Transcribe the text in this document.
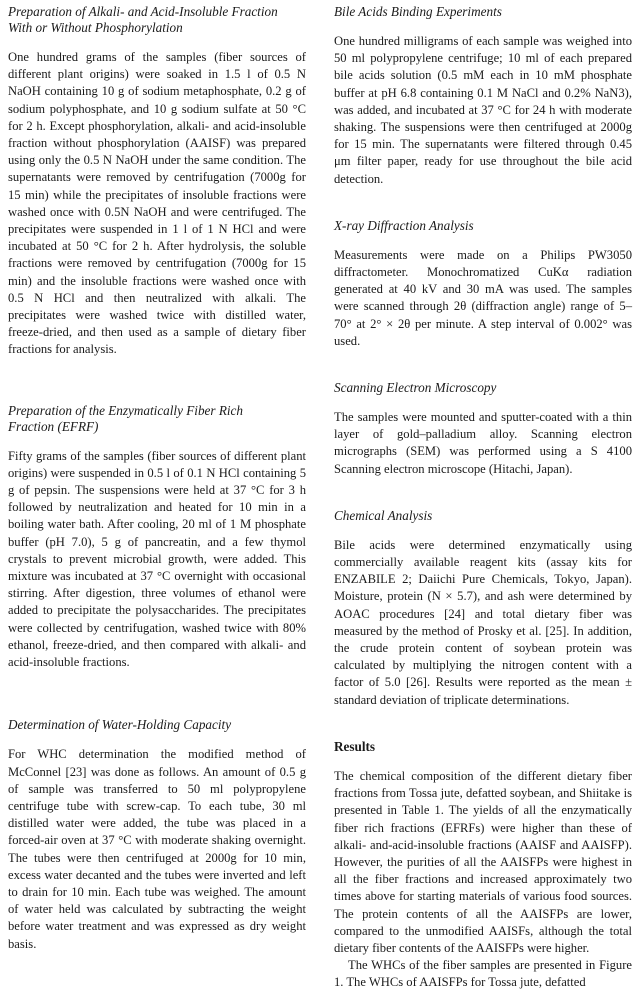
Preparation of Alkali- and Acid-Insoluble Fraction
With or Without Phosphorylation

One hundred grams of the samples (fiber sources of different plant origins) were soaked in 1.5 l of 0.5 N NaOH containing 10 g of sodium metaphosphate, 0.2 g of sodium polyphosphate, and 10 g sodium sulfate at 50 °C for 2 h. Except phosphorylation, alkali- and acid-insoluble fraction without phosphorylation (AAISF) was prepared using only the 0.5 N NaOH under the same condition. The supernatants were removed by centrifugation (7000g for 15 min) while the precipitates of insoluble fractions were washed once with 0.5N NaOH and were centrifuged. The precipitates were suspended in 1 l of 1 N HCl and were incubated at 50 °C for 2 h. After hydrolysis, the soluble fractions were removed by centrifugation (7000g for 15 min) and the insoluble fractions were washed once with 0.5 N HCl and then neutralized with alkali. The precipitates were washed twice with distilled water, freeze-dried, and then used as a sample of dietary fiber fractions for analysis.

Preparation of the Enzymatically Fiber Rich
Fraction (EFRF)

Fifty grams of the samples (fiber sources of different plant origins) were suspended in 0.5 l of 0.1 N HCl containing 5 g of pepsin. The suspensions were held at 37 °C for 3 h followed by neutralization and heated for 10 min in a boiling water bath. After cooling, 20 ml of 1 M phosphate buffer (pH 7.0), 5 g of pancreatin, and a few thymol crystals to prevent microbial growth, were added. This mixture was incubated at 37 °C overnight with occasional stirring. After digestion, three volumes of ethanol were added to precipitate the polysaccharides. The precipitates were collected by centrifugation, washed twice with 80% ethanol, freeze-dried, and then compared with alkali- and acid-insoluble fractions.

Determination of Water-Holding Capacity

For WHC determination the modified method of McConnel [23] was done as follows. An amount of 0.5 g of sample was transferred to 50 ml polypropylene centrifuge tube with screw-cap. To each tube, 30 ml distilled water were added, the tube was placed in a forced-air oven at 37 °C with moderate shaking overnight. The tubes were then centrifuged at 2000g for 10 min, excess water decanted and the tubes were inverted and left to drain for 10 min. Each tube was weighed. The amount of water held was calculated by subtracting the weight before water treatment and was expressed as dry weight basis.

Bile Acids Binding Experiments

One hundred milligrams of each sample was weighed into 50 ml polypropylene centrifuge; 10 ml of each prepared bile acids solution (0.5 mM each in 10 mM phosphate buffer at pH 6.8 containing 0.1 M NaCl and 0.2% NaN3), was added, and incubated at 37 °C for 24 h with moderate shaking. The suspensions were then centrifuged at 2000g for 15 min. The supernatants were filtered through 0.45 μm filter paper, ready for use throughout the bile acid detection.

X-ray Diffraction Analysis

Measurements were made on a Philips PW3050 diffractometer. Monochromatized CuKα radiation generated at 40 kV and 30 mA was used. The samples were scanned through 2θ (diffraction angle) range of 5–70° at 2° × 2θ per minute. A step interval of 0.002° was used.

Scanning Electron Microscopy

The samples were mounted and sputter-coated with a thin layer of gold–palladium alloy. Scanning electron micrographs (SEM) was performed using a S 4100 Scanning electron microscope (Hitachi, Japan).

Chemical Analysis

Bile acids were determined enzymatically using commercially available reagent kits (assay kits for ENZABILE 2; Daiichi Pure Chemicals, Tokyo, Japan). Moisture, protein (N × 5.7), and ash were determined by AOAC procedures [24] and total dietary fiber was measured by the method of Prosky et al. [25]. In addition, the crude protein content of soybean protein was calculated by multiplying the nitrogen content with a factor of 5.0 [26]. Results were reported as the mean ± standard deviation of triplicate determinations.

Results

The chemical composition of the different dietary fiber fractions from Tossa jute, defatted soybean, and Shiitake is presented in Table 1. The yields of all the enzymatically fiber rich fractions (EFRFs) were higher than these of alkali- and-acid-insoluble fractions (AAISF and AAISFP). However, the purities of all the AAISFPs were highest in all the fiber fractions and increased approximately two times above for starting materials of various food sources. The protein contents of all the AAISFPs are lower, compared to the unmodified AAISFs, although the total dietary fiber contents of the AAISFPs were higher.

The WHCs of the fiber samples are presented in Figure 1. The WHCs of AAISFPs for Tossa jute, defatted
